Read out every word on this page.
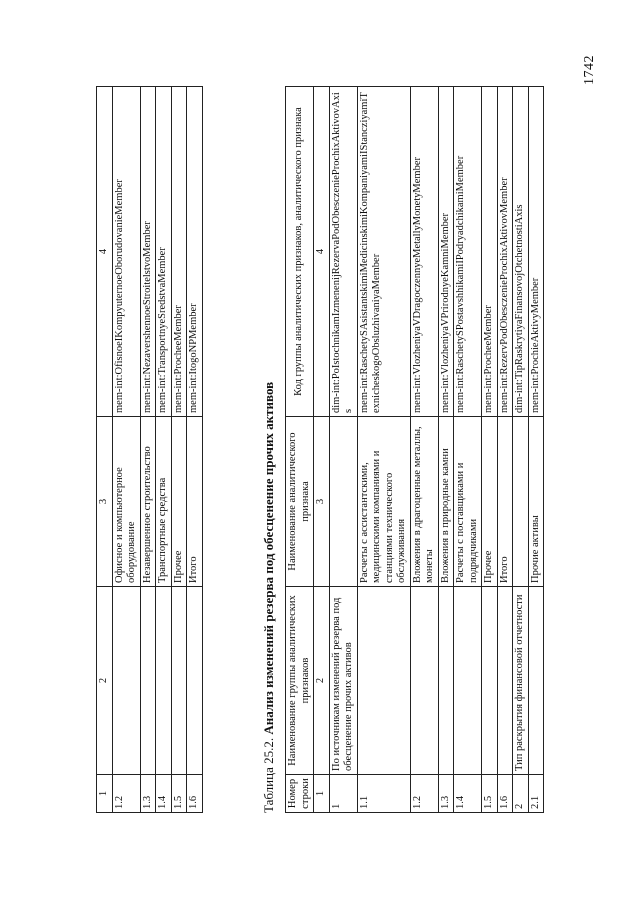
1	2	3	4
1.2		Офисное и компьютерное оборудование	mem-int:OfisnoeIKompyuternoeOborudovanieMember
1.3		Незавершенное строительство	mem-int:NezavershennoeStroitelstvoMember
1.4		Транспортные средства	mem-int:TransportnyeSredstvaMember
1.5		Прочее	mem-int:ProcheeMember
1.6		Итого	mem-int:ItogoNPMember
Таблица 25.2. Анализ изменений резерва под обесценение прочих активов
Номер строки	Наименование группы аналитических признаков	Наименование аналитического признака	Код группы аналитических признаков, аналитического признака
1	2	3	4
1	По источникам изменений резерва под обесценение прочих активов		dim-int:PoIstochnikamIzmenenijRezervaPodObesczenieProchixAktivovAxis
1.1		Расчеты с ассистантскими, медицинскими компаниями и станциями технического обслуживания	mem-int:RaschetySAsistantskimiMedicinskimiKompaniyamiIStancziyamiTexnicheskogoObsluzhivaniyaMember
1.2		Вложения в драгоценные металлы, монеты	mem-int:VlozheniyaVDragoczennyeMetallyMonetyMember
1.3		Вложения в природные камни	mem-int:VlozheniyaVPrirodnyeKamniMember
1.4		Расчеты с поставщиками и подрядчиками	mem-int:RaschetySPostavshhikamiIPodryadchikamiMember
1.5		Прочее	mem-int:ProcheeMember
1.6		Итого	mem-int:RezervPodObesczenieProchixAktivovMember
2	Тип раскрытия финансовой отчетности		dim-int:TipRaskrytiyaFinansovojOtchetnostiAxis
2.1		Прочие активы	mem-int:ProchieAktivyMember
1742
